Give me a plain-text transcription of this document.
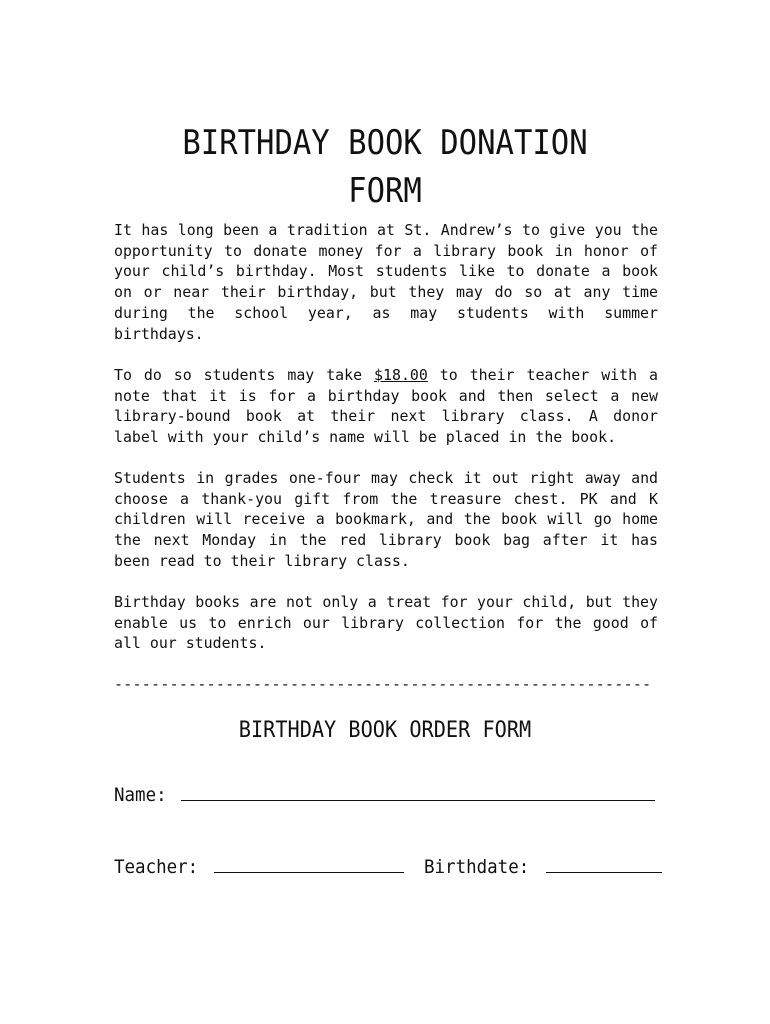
BIRTHDAY BOOK DONATION
FORM

It has long been a tradition at St. Andrew’s to give you the opportunity to donate money for a library book in honor of your child’s birthday. Most students like to donate a book on or near their birthday, but they may do so at any time during the school year, as may students with summer birthdays.

To do so students may take $18.00 to their teacher with a note that it is for a birthday book and then select a new library-bound book at their next library class. A donor label with your child’s name will be placed in the book.

Students in grades one-four may check it out right away and choose a thank-you gift from the treasure chest. PK and K children will receive a bookmark, and the book will go home the next Monday in the red library book bag after it has been read to their library class.

Birthday books are not only a treat for your child, but they enable us to enrich our library collection for the good of all our students.

----------------------------------------------------------
BIRTHDAY BOOK ORDER FORM
Name:
Teacher:	Birthdate:
